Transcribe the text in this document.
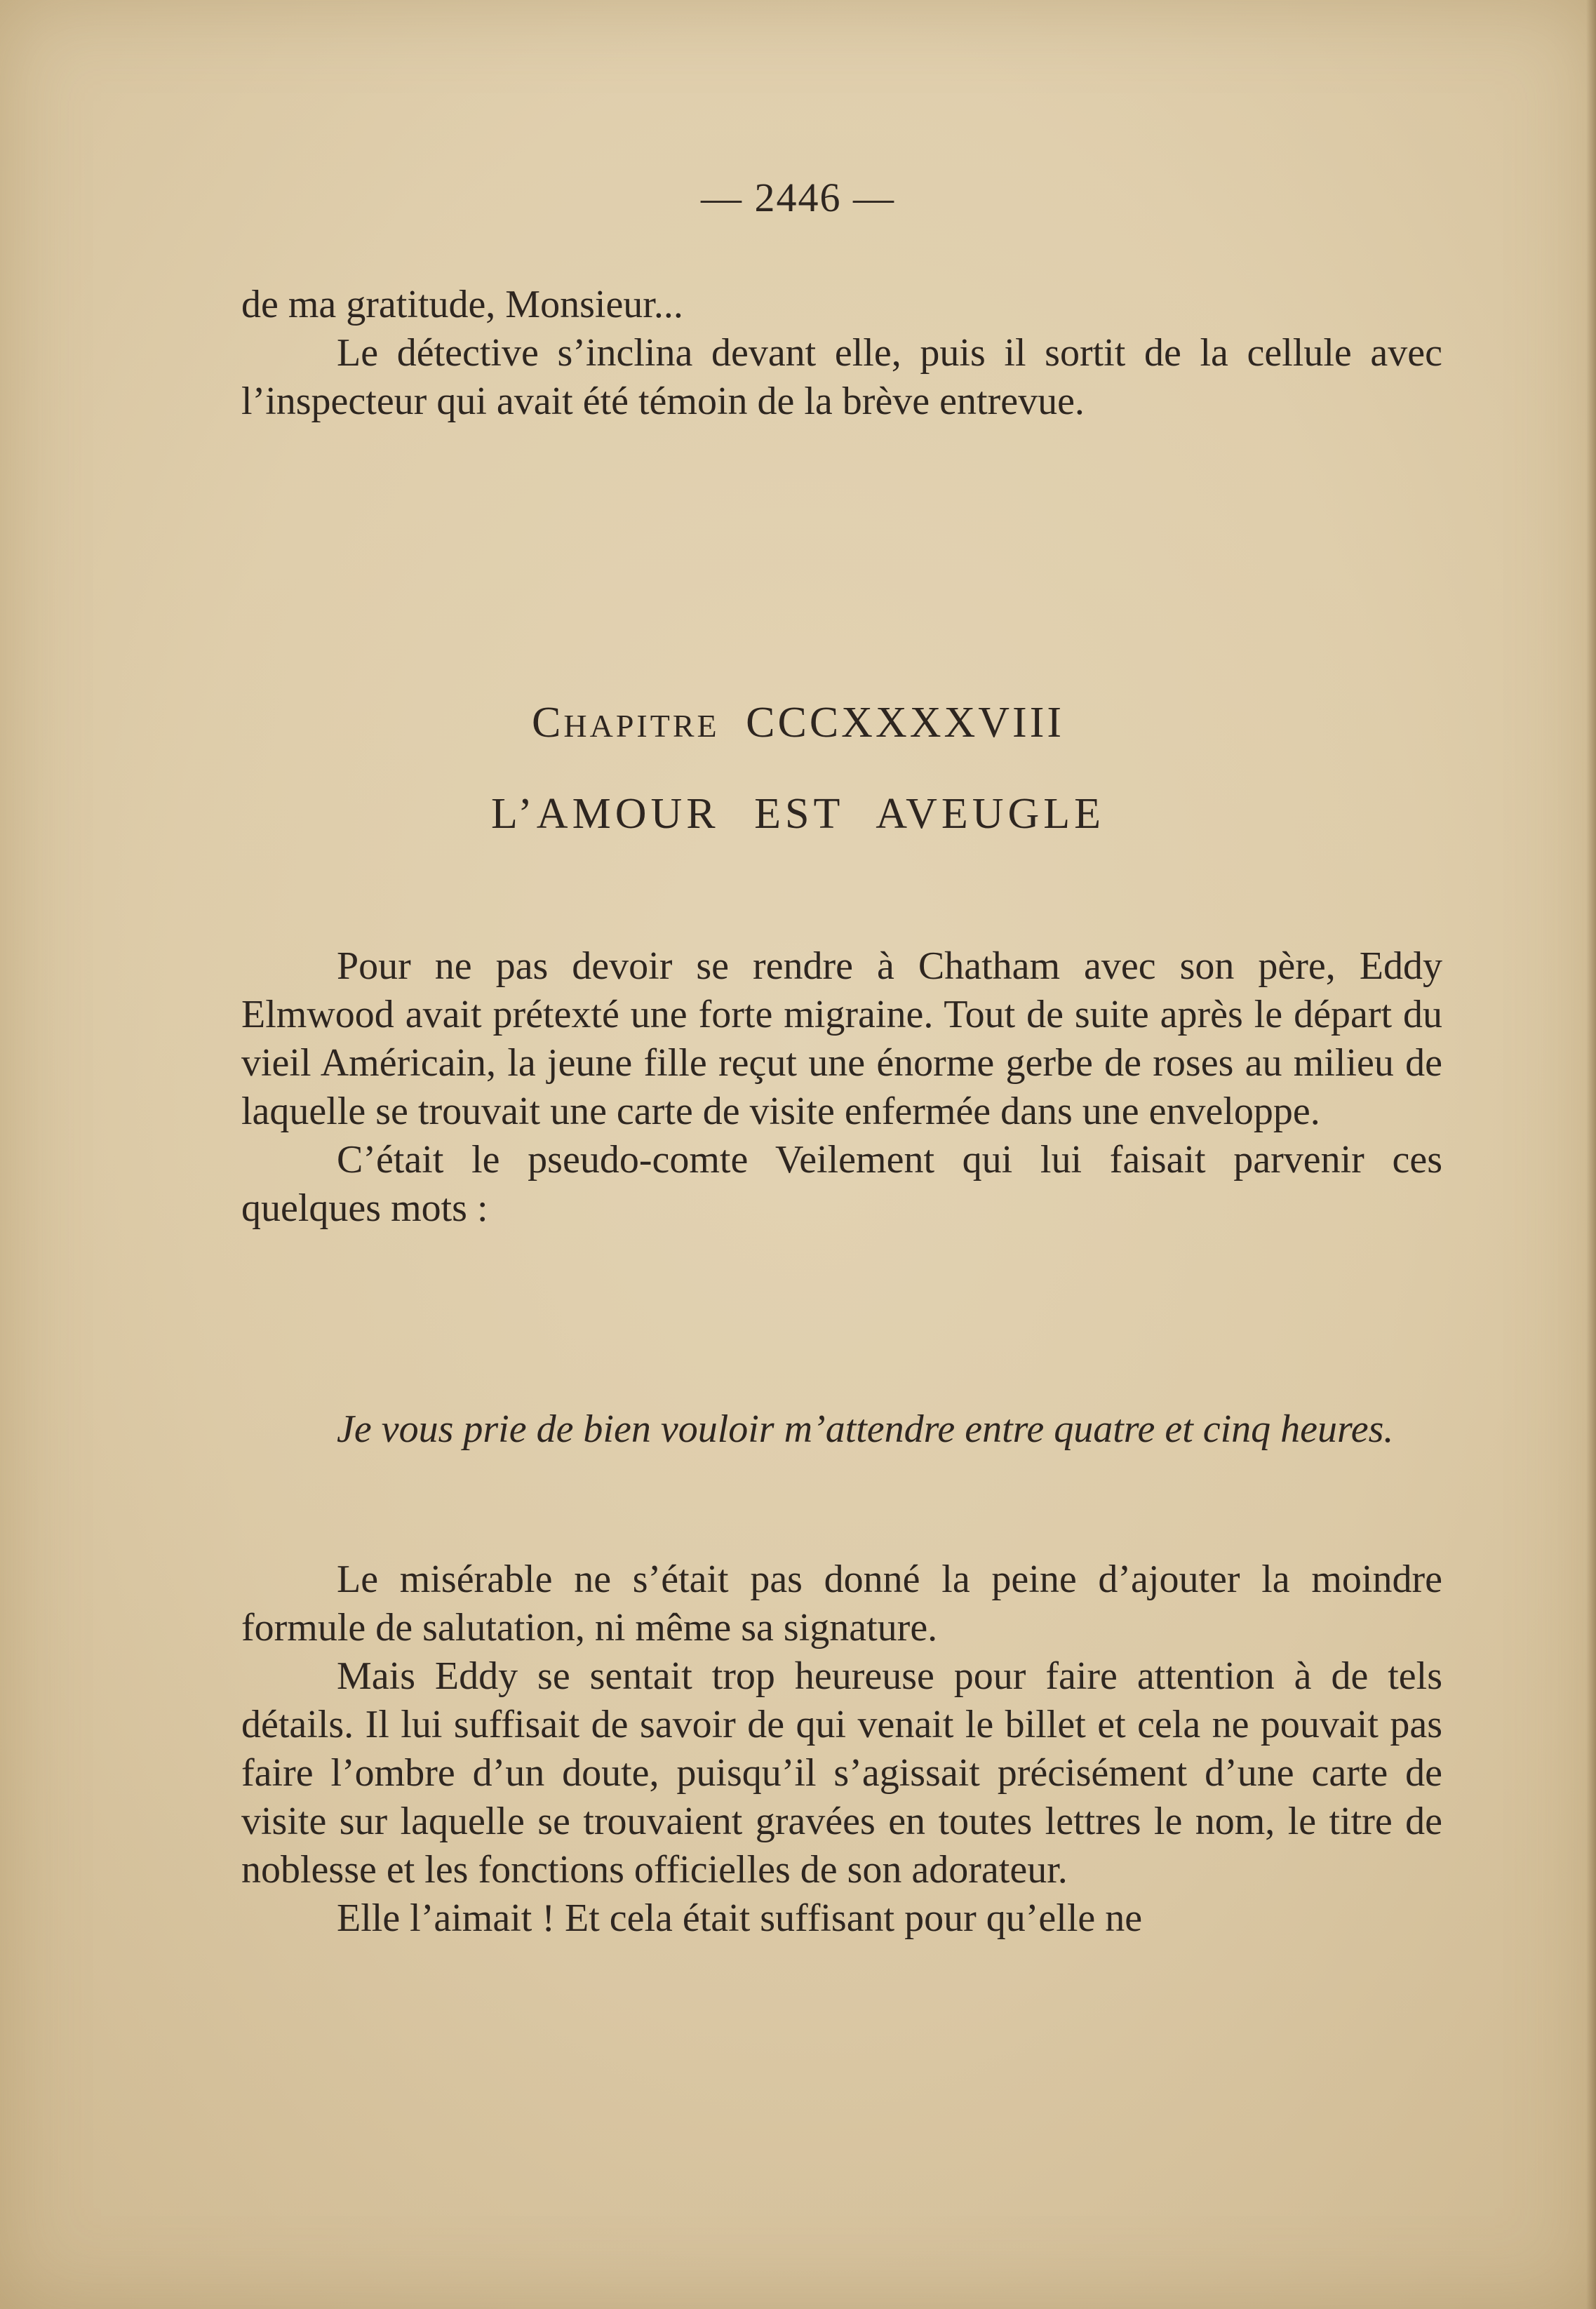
— 2446 —

de ma gratitude, Monsieur...

Le détective s’inclina devant elle, puis il sortit de la cellule avec l’inspecteur qui avait été témoin de la brève entrevue.

CHAPITRE CCCXXXXVIII
L’AMOUR EST AVEUGLE

Pour ne pas devoir se rendre à Chatham avec son père, Eddy Elmwood avait prétexté une forte migraine. Tout de suite après le départ du vieil Américain, la jeune fille reçut une énorme gerbe de roses au milieu de laquelle se trouvait une carte de visite enfermée dans une enveloppe.

C’était le pseudo-comte Veilement qui lui faisait parvenir ces quelques mots :

Je vous prie de bien vouloir m’attendre entre quatre et cinq heures.

Le misérable ne s’était pas donné la peine d’ajouter la moindre formule de salutation, ni même sa signature.

Mais Eddy se sentait trop heureuse pour faire attention à de tels détails. Il lui suffisait de savoir de qui venait le billet et cela ne pouvait pas faire l’ombre d’un doute, puisqu’il s’agissait précisément d’une carte de visite sur laquelle se trouvaient gravées en toutes lettres le nom, le titre de noblesse et les fonctions officielles de son adorateur.

Elle l’aimait ! Et cela était suffisant pour qu’elle ne
